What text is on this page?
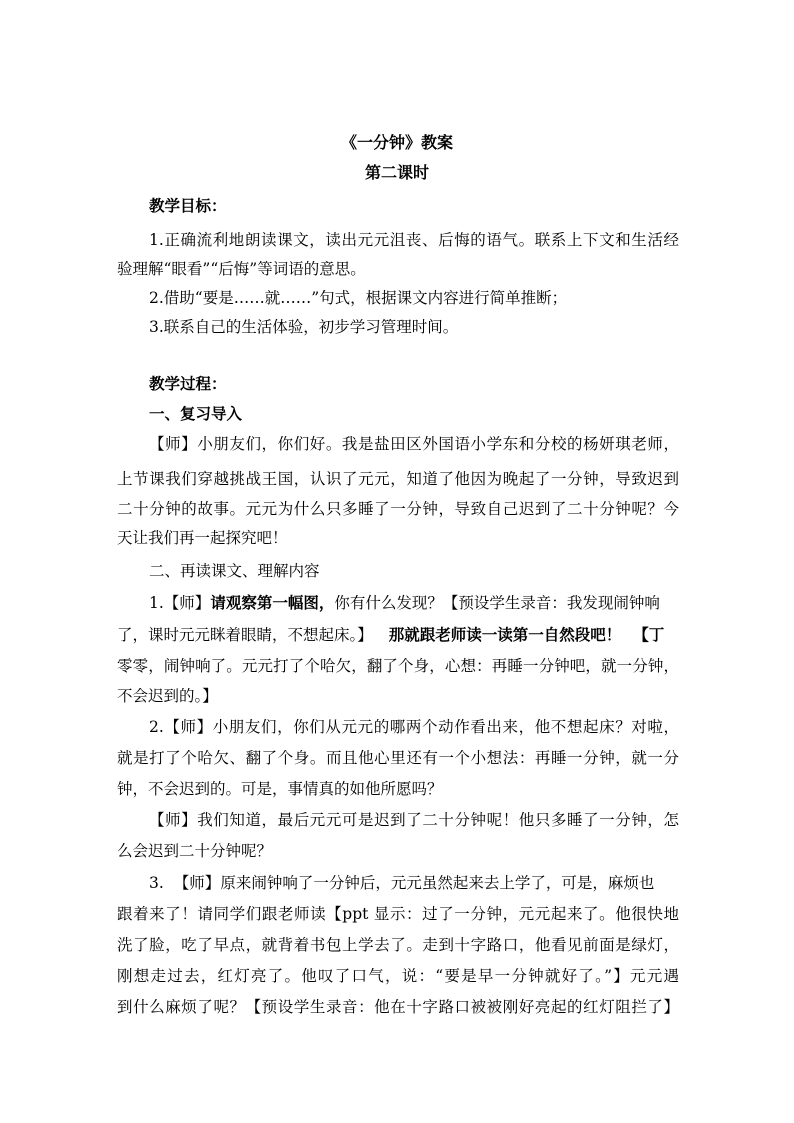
《一分钟》教案
第二课时
教学目标：
1.正确流利地朗读课文，读出元元沮丧、后悔的语气。联系上下文和生活经
验理解“眼看”“后悔”等词语的意思。
2.借助“要是……就……”句式，根据课文内容进行简单推断；
3.联系自己的生活体验，初步学习管理时间。
教学过程：
一、复习导入
【师】小朋友们，你们好。我是盐田区外国语小学东和分校的杨妍琪老师，
上节课我们穿越挑战王国，认识了元元，知道了他因为晚起了一分钟，导致迟到
二十分钟的故事。元元为什么只多睡了一分钟，导致自己迟到了二十分钟呢？今
天让我们再一起探究吧！
二、再读课文、理解内容
1.【师】请观察第一幅图，你有什么发现？【预设学生录音：我发现闹钟响
了，课时元元眯着眼睛，不想起床。】 那就跟老师读一读第一自然段吧！ 【丁
零零，闹钟响了。元元打了个哈欠，翻了个身，心想：再睡一分钟吧，就一分钟，
不会迟到的。】
2.【师】小朋友们，你们从元元的哪两个动作看出来，他不想起床？对啦，
就是打了个哈欠、翻了个身。而且他心里还有一个小想法：再睡一分钟，就一分
钟，不会迟到的。可是，事情真的如他所愿吗？
【师】我们知道，最后元元可是迟到了二十分钟呢！他只多睡了一分钟，怎
么会迟到二十分钟呢？
3. 【师】原来闹钟响了一分钟后，元元虽然起来去上学了，可是，麻烦也
跟着来了！请同学们跟老师读【ppt 显示：过了一分钟，元元起来了。他很快地
洗了脸，吃了早点，就背着书包上学去了。走到十字路口，他看见前面是绿灯，
刚想走过去，红灯亮了。他叹了口气，说：“要是早一分钟就好了。”】元元遇
到什么麻烦了呢？【预设学生录音：他在十字路口被被刚好亮起的红灯阻拦了】
